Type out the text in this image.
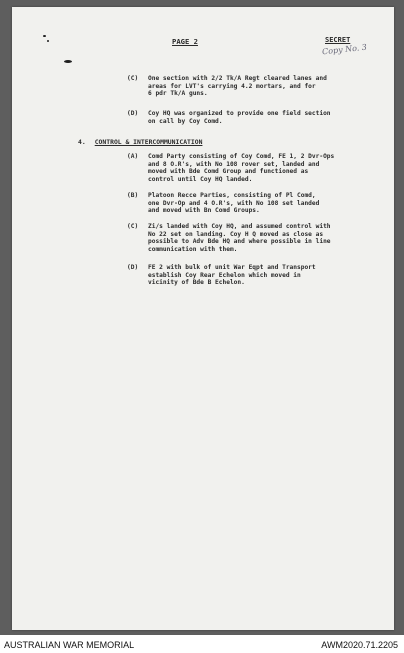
PAGE 2	SECRET
Copy No. 3
(C) One section with 2/2 Tk/A Regt cleared lanes and
areas for LVT's carrying 4.2 mortars, and for
6 pdr Tk/A guns.
(D) Coy HQ was organized to provide one field section
on call by Coy Comd.
4. CONTROL & INTERCOMMUNICATION
(A) Comd Party consisting of Coy Comd, FE 1, 2 Dvr-Ops
and 8 O.R's, with No 108 rover set, landed and
moved with Bde Comd Group and functioned as
control until Coy HQ landed.
(B) Platoon Recce Parties, consisting of Pl Comd,
one Dvr-Op and 4 O.R's, with No 108 set landed
and moved with Bn Comd Groups.
(C) Zi/s landed with Coy HQ, and assumed control with
No 22 set on landing. Coy H Q moved as close as
possible to Adv Bde HQ and where possible in line
communication with them.
(D) FE 2 with bulk of unit War Eqpt and Transport
establish Coy Rear Echelon which moved in
vicinity of Bde B Echelon.
AUSTRALIAN WAR MEMORIAL	AWM2020.71.2205
